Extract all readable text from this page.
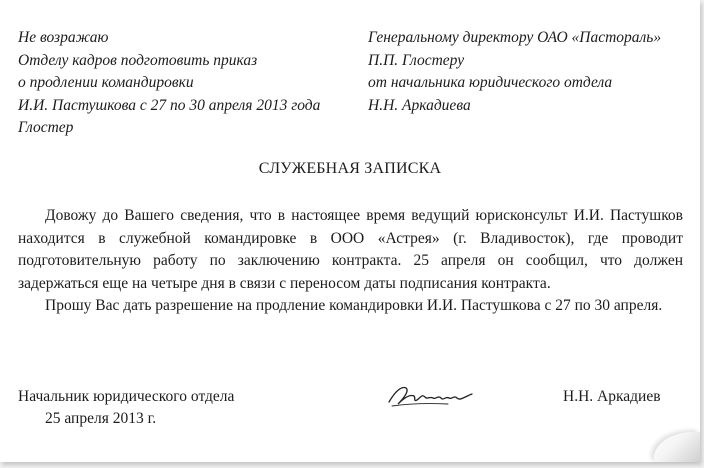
Не возражаю
Отделу кадров подготовить приказ
о продлении командировки
И.И. Пастушкова с 27 по 30 апреля 2013 года
Глостер
Генеральному директору ОАО «Пастораль»
П.П. Глостеру
от начальника юридического отдела
Н.Н. Аркадиева
СЛУЖЕБНАЯ ЗАПИСКА

Довожу до Вашего сведения, что в настоящее время ведущий юрисконсульт И.И. Пастушков находится в служебной командировке в ООО «Астрея» (г. Владивосток), где проводит подготовительную работу по заключению контракта. 25 апреля он сообщил, что должен задержаться еще на четыре дня в связи с переносом даты подписания контракта.

Прошу Вас дать разрешение на продление командировки И.И. Пастушкова с 27 по 30 апреля.

Начальник юридического отдела
25 апреля 2013 г.
Н.Н. Аркадиев
